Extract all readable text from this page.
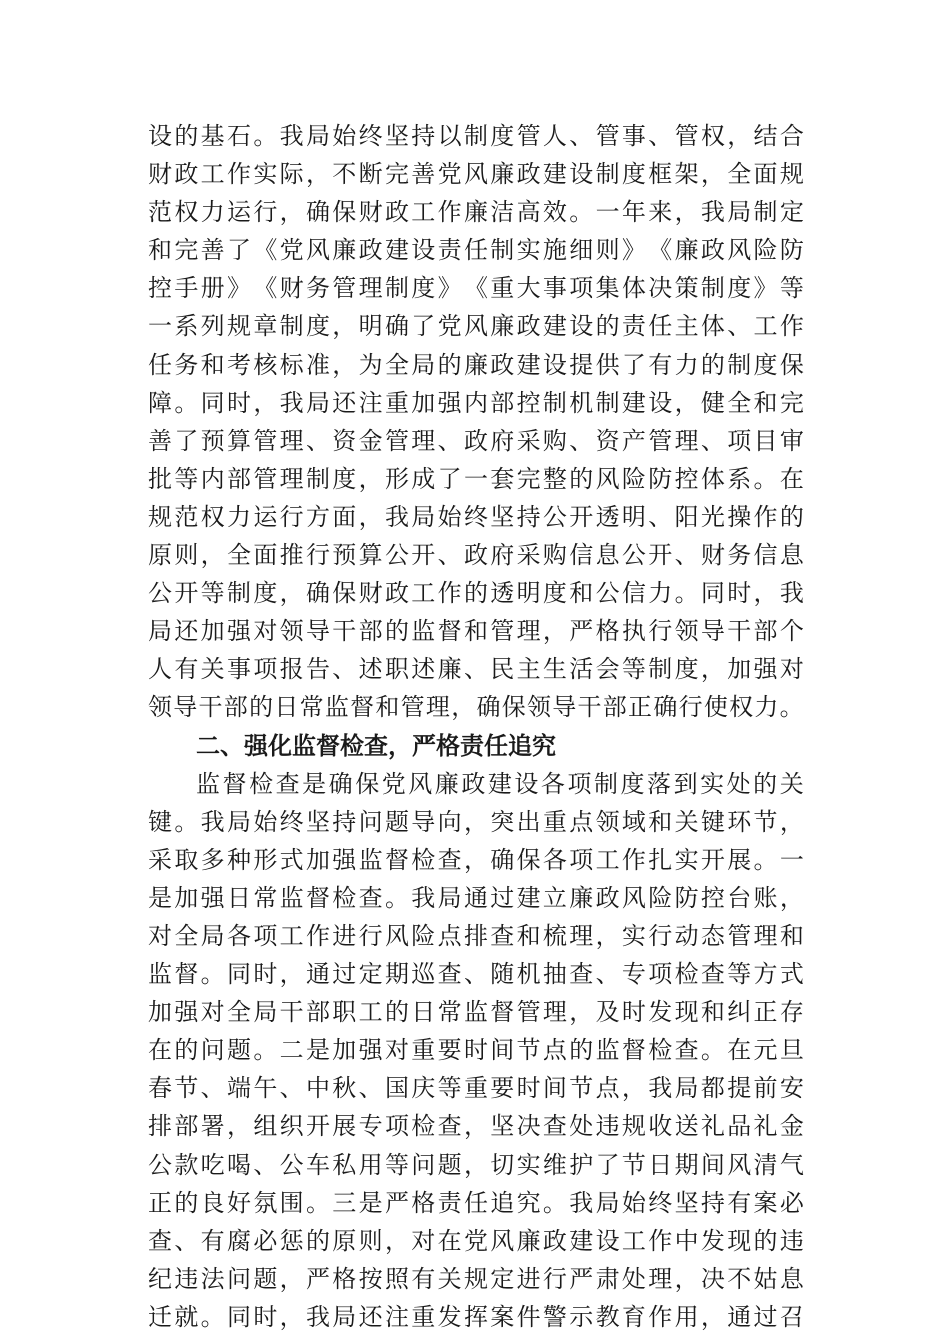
设 的 基 石 。 我 局 始 终 坚 持 以 制 度 管 人 、 管 事 、 管 权 ， 结 合
财 政 工 作 实 际 ， 不 断 完 善 党 风 廉 政 建 设 制 度 框 架 ， 全 面 规
范 权 力 运 行 ， 确 保 财 政 工 作 廉 洁 高 效 。 一 年 来 ， 我 局 制 定
和 完 善 了 《 党 风 廉 政 建 设 责 任 制 实 施 细 则 》 《 廉 政 风 险 防
控 手 册 》 《 财 务 管 理 制 度 》 《 重 大 事 项 集 体 决 策 制 度 》 等
一 系 列 规 章 制 度 ， 明 确 了 党 风 廉 政 建 设 的 责 任 主 体 、 工 作
任 务 和 考 核 标 准 ， 为 全 局 的 廉 政 建 设 提 供 了 有 力 的 制 度 保
障 。 同 时 ， 我 局 还 注 重 加 强 内 部 控 制 机 制 建 设 ， 健 全 和 完
善 了 预 算 管 理 、 资 金 管 理 、 政 府 采 购 、 资 产 管 理 、 项 目 审
批 等 内 部 管 理 制 度 ， 形 成 了 一 套 完 整 的 风 险 防 控 体 系 。 在
规 范 权 力 运 行 方 面 ， 我 局 始 终 坚 持 公 开 透 明 、 阳 光 操 作 的
原 则 ， 全 面 推 行 预 算 公 开 、 政 府 采 购 信 息 公 开 、 财 务 信 息
公 开 等 制 度 ， 确 保 财 政 工 作 的 透 明 度 和 公 信 力 。 同 时 ， 我
局 还 加 强 对 领 导 干 部 的 监 督 和 管 理 ， 严 格 执 行 领 导 干 部 个
人 有 关 事 项 报 告 、 述 职 述 廉 、 民 主 生 活 会 等 制 度 ， 加 强 对
领 导 干 部 的 日 常 监 督 和 管 理 ， 确 保 领 导 干 部 正 确 行 使 权 力 。
二、强化监督检查，严格责任追究
监 督 检 查 是 确 保 党 风 廉 政 建 设 各 项 制 度 落 到 实 处 的 关
键 。 我 局 始 终 坚 持 问 题 导 向 ， 突 出 重 点 领 域 和 关 键 环 节 ，
采 取 多 种 形 式 加 强 监 督 检 查 ， 确 保 各 项 工 作 扎 实 开 展 。 一
是 加 强 日 常 监 督 检 查 。 我 局 通 过 建 立 廉 政 风 险 防 控 台 账 ，
对 全 局 各 项 工 作 进 行 风 险 点 排 查 和 梳 理 ， 实 行 动 态 管 理 和
监 督 。 同 时 ， 通 过 定 期 巡 查 、 随 机 抽 查 、 专 项 检 查 等 方 式
加 强 对 全 局 干 部 职 工 的 日 常 监 督 管 理 ， 及 时 发 现 和 纠 正 存
在 的 问 题 。 二 是 加 强 对 重 要 时 间 节 点 的 监 督 检 查 。 在 元 旦
春 节 、 端 午 、 中 秋 、 国 庆 等 重 要 时 间 节 点 ， 我 局 都 提 前 安
排 部 署 ， 组 织 开 展 专 项 检 查 ， 坚 决 查 处 违 规 收 送 礼 品 礼 金
公 款 吃 喝 、 公 车 私 用 等 问 题 ， 切 实 维 护 了 节 日 期 间 风 清 气
正 的 良 好 氛 围 。 三 是 严 格 责 任 追 究 。 我 局 始 终 坚 持 有 案 必
查 、 有 腐 必 惩 的 原 则 ， 对 在 党 风 廉 政 建 设 工 作 中 发 现 的 违
纪 违 法 问 题 ， 严 格 按 照 有 关 规 定 进 行 严 肃 处 理 ， 决 不 姑 息
迁 就 。 同 时 ， 我 局 还 注 重 发 挥 案 件 警 示 教 育 作 用 ， 通 过 召
